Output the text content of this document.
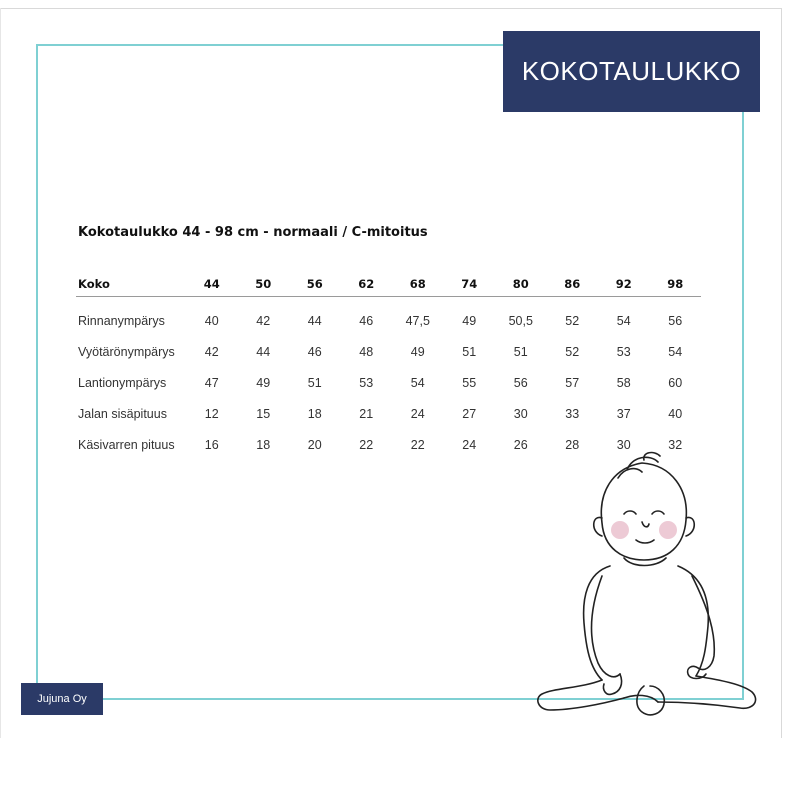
KOKOTAULUKKO
Kokotaulukko 44 - 98 cm - normaali / C-mitoitus
Koko	44	50	56	62	68	74	80	86	92	98
Rinnanympärys	40	42	44	46	47,5	49	50,5	52	54	56
Vyötärönympärys	42	44	46	48	49	51	51	52	53	54
Lantionympärys	47	49	51	53	54	55	56	57	58	60
Jalan sisäpituus	12	15	18	21	24	27	30	33	37	40
Käsivarren pituus	16	18	20	22	22	24	26	28	30	32
Jujuna Oy
